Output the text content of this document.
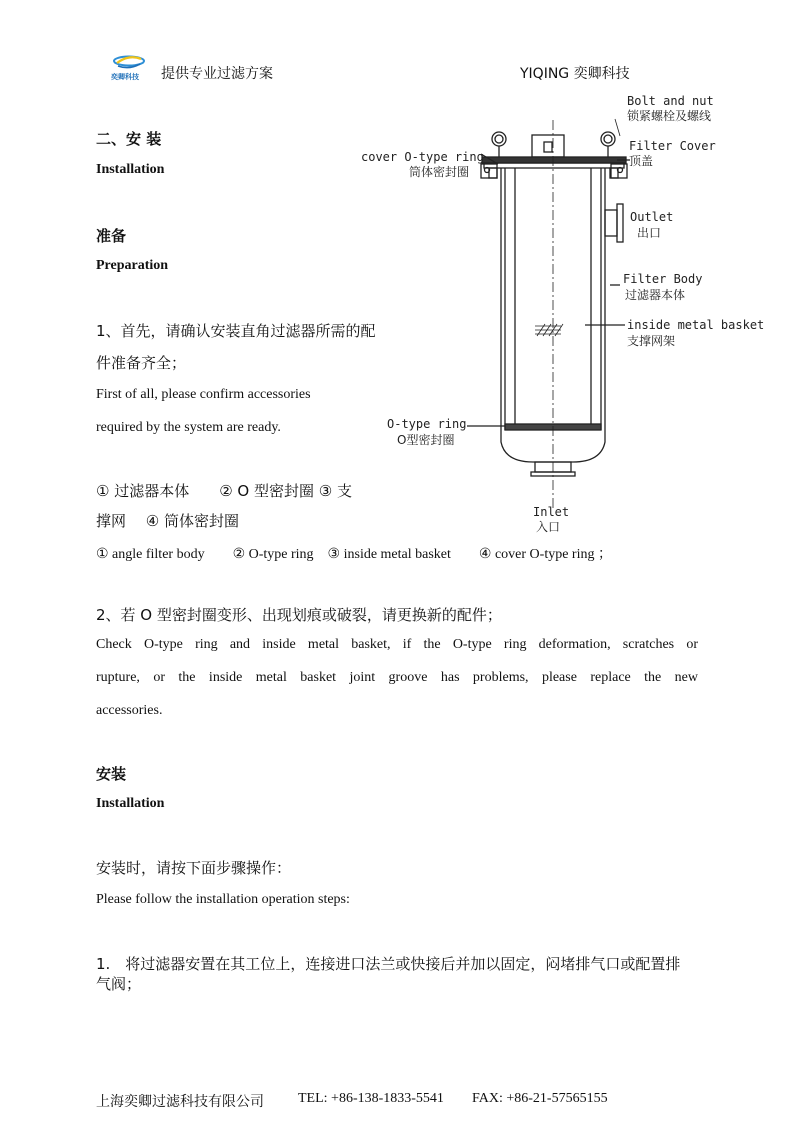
奕卿科技 提供专业过滤方案	YIQING 奕卿科技
二、安 装
Installation
准备
Preparation
1、首先，请确认安装直角过滤器所需的配
件准备齐全；
First of all, please confirm accessories
required by the system are ready.
① 过滤器本体　　② O 型密封圈 ③ 支
撑网　 ④ 筒体密封圈
① angle filter body　　② O-type ring　③ inside metal basket　　④ cover O-type ring ；
2、若 O 型密封圈变形、出现划痕或破裂，请更换新的配件；
Check O-type ring and inside metal basket, if the O-type ring deformation, scratches or
rupture, or the inside metal basket joint groove has problems, please replace the new
accessories.
安装
Installation
安装时，请按下面步骤操作：
Please follow the installation operation steps:
1.　将过滤器安置在其工位上，连接进口法兰或快接后并加以固定，闷堵排气口或配置排
气阀；
Bolt and nut
锁紧螺栓及螺线
Filter Cover
顶盖
cover O-type ring
筒体密封圈
Outlet
出口
Filter Body
过滤器本体
inside metal basket
支撑网架
O-type ring
O型密封圈
Inlet
入口
上海奕卿过滤科技有限公司 TEL: +86-138-1833-5541 FAX: +86-21-57565155
